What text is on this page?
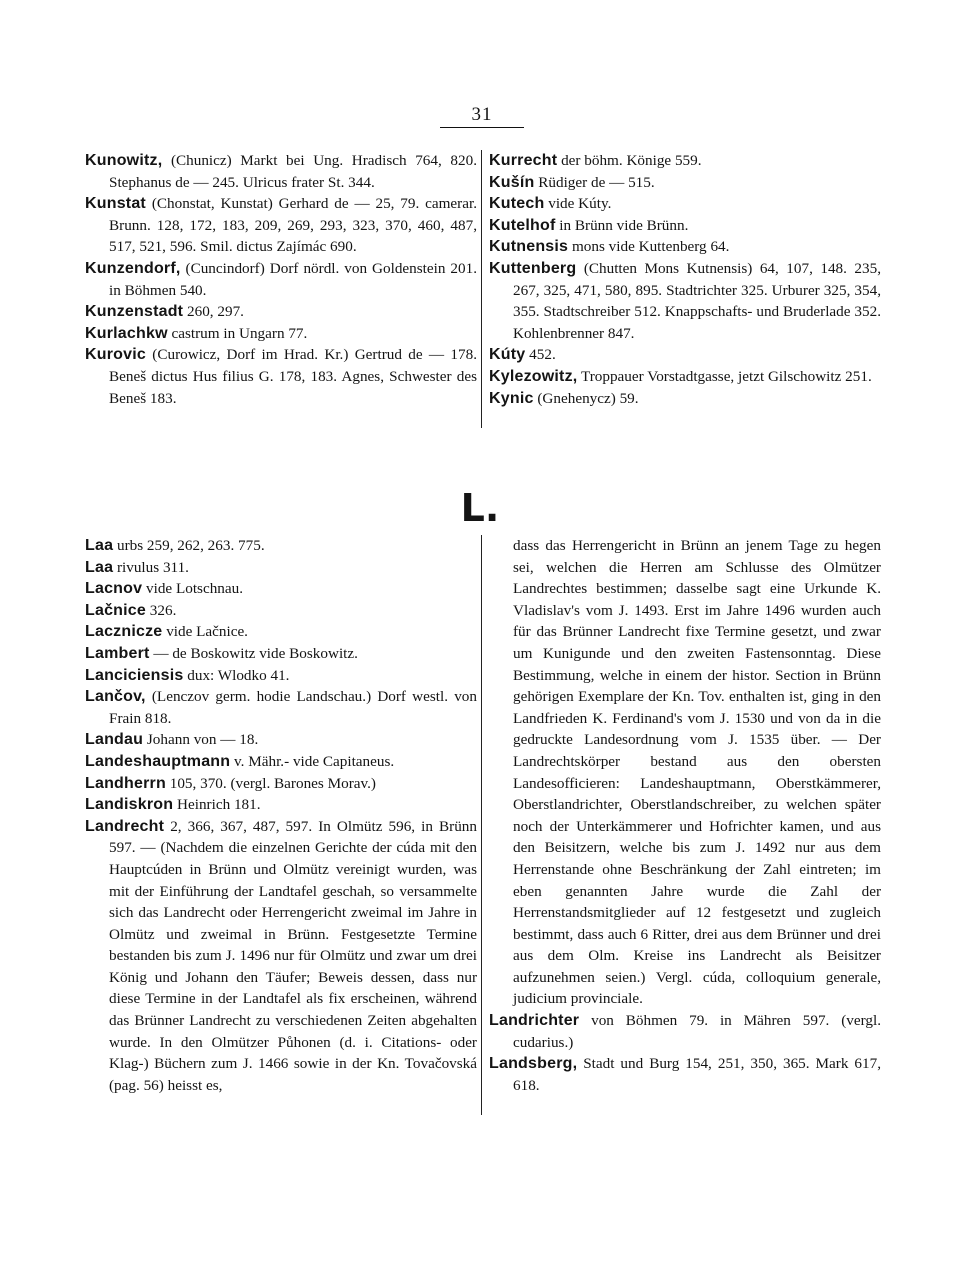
31
Kunowitz, (Chunicz) Markt bei Ung. Hradisch 764, 820. Stephanus de — 245. Ulricus frater St. 344.
Kunstat (Chonstat, Kunstat) Gerhard de — 25, 79. camerar. Brunn. 128, 172, 183, 209, 269, 293, 323, 370, 460, 487, 517, 521, 596. Smil. dictus Zajímác 690.
Kunzendorf, (Cuncindorf) Dorf nördl. von Goldenstein 201. in Böhmen 540.
Kunzenstadt 260, 297.
Kurlachkw castrum in Ungarn 77.
Kurovic (Curowicz, Dorf im Hrad. Kr.) Gertrud de — 178. Beneš dictus Hus filius G. 178, 183. Agnes, Schwester des Beneš 183.
Kurrecht der böhm. Könige 559.
Kušín Rüdiger de — 515.
Kutech vide Kúty.
Kutelhof in Brünn vide Brünn.
Kutnensis mons vide Kuttenberg 64.
Kuttenberg (Chutten Mons Kutnensis) 64, 107, 148. 235, 267, 325, 471, 580, 895. Stadtrichter 325. Urburer 325, 354, 355. Stadtschreiber 512. Knappschafts- und Bruderlade 352. Kohlenbrenner 847.
Kúty 452.
Kylezowitz, Troppauer Vorstadtgasse, jetzt Gilschowitz 251.
Kynic (Gnehenycz) 59.
L.
Laa urbs 259, 262, 263. 775.
Laa rivulus 311.
Lacnov vide Lotschnau.
Lačnice 326.
Lacznicze vide Lačnice.
Lambert — de Boskowitz vide Boskowitz.
Lanciciensis dux: Wlodko 41.
Lančov, (Lenczov germ. hodie Landschau.) Dorf westl. von Frain 818.
Landau Johann von — 18.
Landeshauptmann v. Mähr.- vide Capitaneus.
Landherrn 105, 370. (vergl. Barones Morav.)
Landiskron Heinrich 181.
Landrecht 2, 366, 367, 487, 597. In Olmütz 596, in Brünn 597. — (Nachdem die einzelnen Gerichte der cúda mit den Hauptcúden in Brünn und Olmütz vereinigt wurden, was mit der Einführung der Landtafel geschah, so versammelte sich das Landrecht oder Herrengericht zweimal im Jahre in Olmütz und zweimal in Brünn. Festgesetzte Termine bestanden bis zum J. 1496 nur für Olmütz und zwar um drei König und Johann den Täufer; Beweis dessen, dass nur diese Termine in der Landtafel als fix erscheinen, während das Brünner Landrecht zu verschiedenen Zeiten abgehalten wurde. In den Olmützer Půhonen (d. i. Citations- oder Klag-) Büchern zum J. 1466 sowie in der Kn. Tovačovská (pag. 56) heisst es,
dass das Herrengericht in Brünn an jenem Tage zu hegen sei, welchen die Herren am Schlusse des Olmützer Landrechtes bestimmen; dasselbe sagt eine Urkunde K. Vladislav's vom J. 1493. Erst im Jahre 1496 wurden auch für das Brünner Landrecht fixe Termine gesetzt, und zwar um Kunigunde und den zweiten Fastensonntag. Diese Bestimmung, welche in einem der histor. Section in Brünn gehörigen Exemplare der Kn. Tov. enthalten ist, ging in den Landfrieden K. Ferdinand's vom J. 1530 und von da in die gedruckte Landesordnung vom J. 1535 über. — Der Landrechtskörper bestand aus den obersten Landesofficieren: Landeshauptmann, Oberstkämmerer, Oberstlandrichter, Oberstlandschreiber, zu welchen später noch der Unterkämmerer und Hofrichter kamen, und aus den Beisitzern, welche bis zum J. 1492 nur aus dem Herrenstande ohne Beschränkung der Zahl eintreten; im eben genannten Jahre wurde die Zahl der Herrenstandsmitglieder auf 12 festgesetzt und zugleich bestimmt, dass auch 6 Ritter, drei aus dem Brünner und drei aus dem Olm. Kreise ins Landrecht als Beisitzer aufzunehmen seien.) Vergl. cúda, colloquium generale, judicium provinciale.
Landrichter von Böhmen 79. in Mähren 597. (vergl. cudarius.)
Landsberg, Stadt und Burg 154, 251, 350, 365. Mark 617, 618.
